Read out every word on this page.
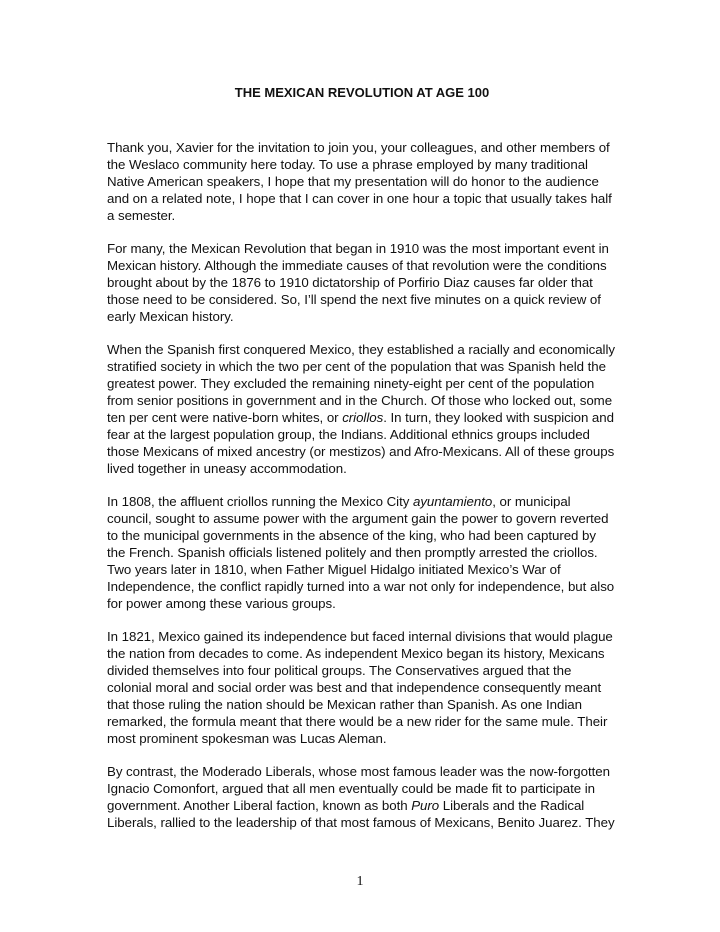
THE MEXICAN REVOLUTION AT AGE 100

Thank you, Xavier for the invitation to join you, your colleagues, and other members of the Weslaco community here today. To use a phrase employed by many traditional Native American speakers, I hope that my presentation will do honor to the audience and on a related note, I hope that I can cover in one hour a topic that usually takes half a semester.

For many, the Mexican Revolution that began in 1910 was the most important event in Mexican history. Although the immediate causes of that revolution were the conditions brought about by the 1876 to 1910 dictatorship of Porfirio Diaz causes far older that those need to be considered. So, I’ll spend the next five minutes on a quick review of early Mexican history.

When the Spanish first conquered Mexico, they established a racially and economically stratified society in which the two per cent of the population that was Spanish held the greatest power. They excluded the remaining ninety-eight per cent of the population from senior positions in government and in the Church. Of those who locked out, some ten per cent were native-born whites, or criollos. In turn, they looked with suspicion and fear at the largest population group, the Indians. Additional ethnics groups included those Mexicans of mixed ancestry (or mestizos) and Afro-Mexicans. All of these groups lived together in uneasy accommodation.

In 1808, the affluent criollos running the Mexico City ayuntamiento, or municipal council, sought to assume power with the argument gain the power to govern reverted to the municipal governments in the absence of the king, who had been captured by the French. Spanish officials listened politely and then promptly arrested the criollos. Two years later in 1810, when Father Miguel Hidalgo initiated Mexico’s War of Independence, the conflict rapidly turned into a war not only for independence, but also for power among these various groups.

In 1821, Mexico gained its independence but faced internal divisions that would plague the nation from decades to come. As independent Mexico began its history, Mexicans divided themselves into four political groups. The Conservatives argued that the colonial moral and social order was best and that independence consequently meant that those ruling the nation should be Mexican rather than Spanish. As one Indian remarked, the formula meant that there would be a new rider for the same mule. Their most prominent spokesman was Lucas Aleman.

By contrast, the Moderado Liberals, whose most famous leader was the now-forgotten Ignacio Comonfort, argued that all men eventually could be made fit to participate in government. Another Liberal faction, known as both Puro Liberals and the Radical Liberals, rallied to the leadership of that most famous of Mexicans, Benito Juarez. They

1
